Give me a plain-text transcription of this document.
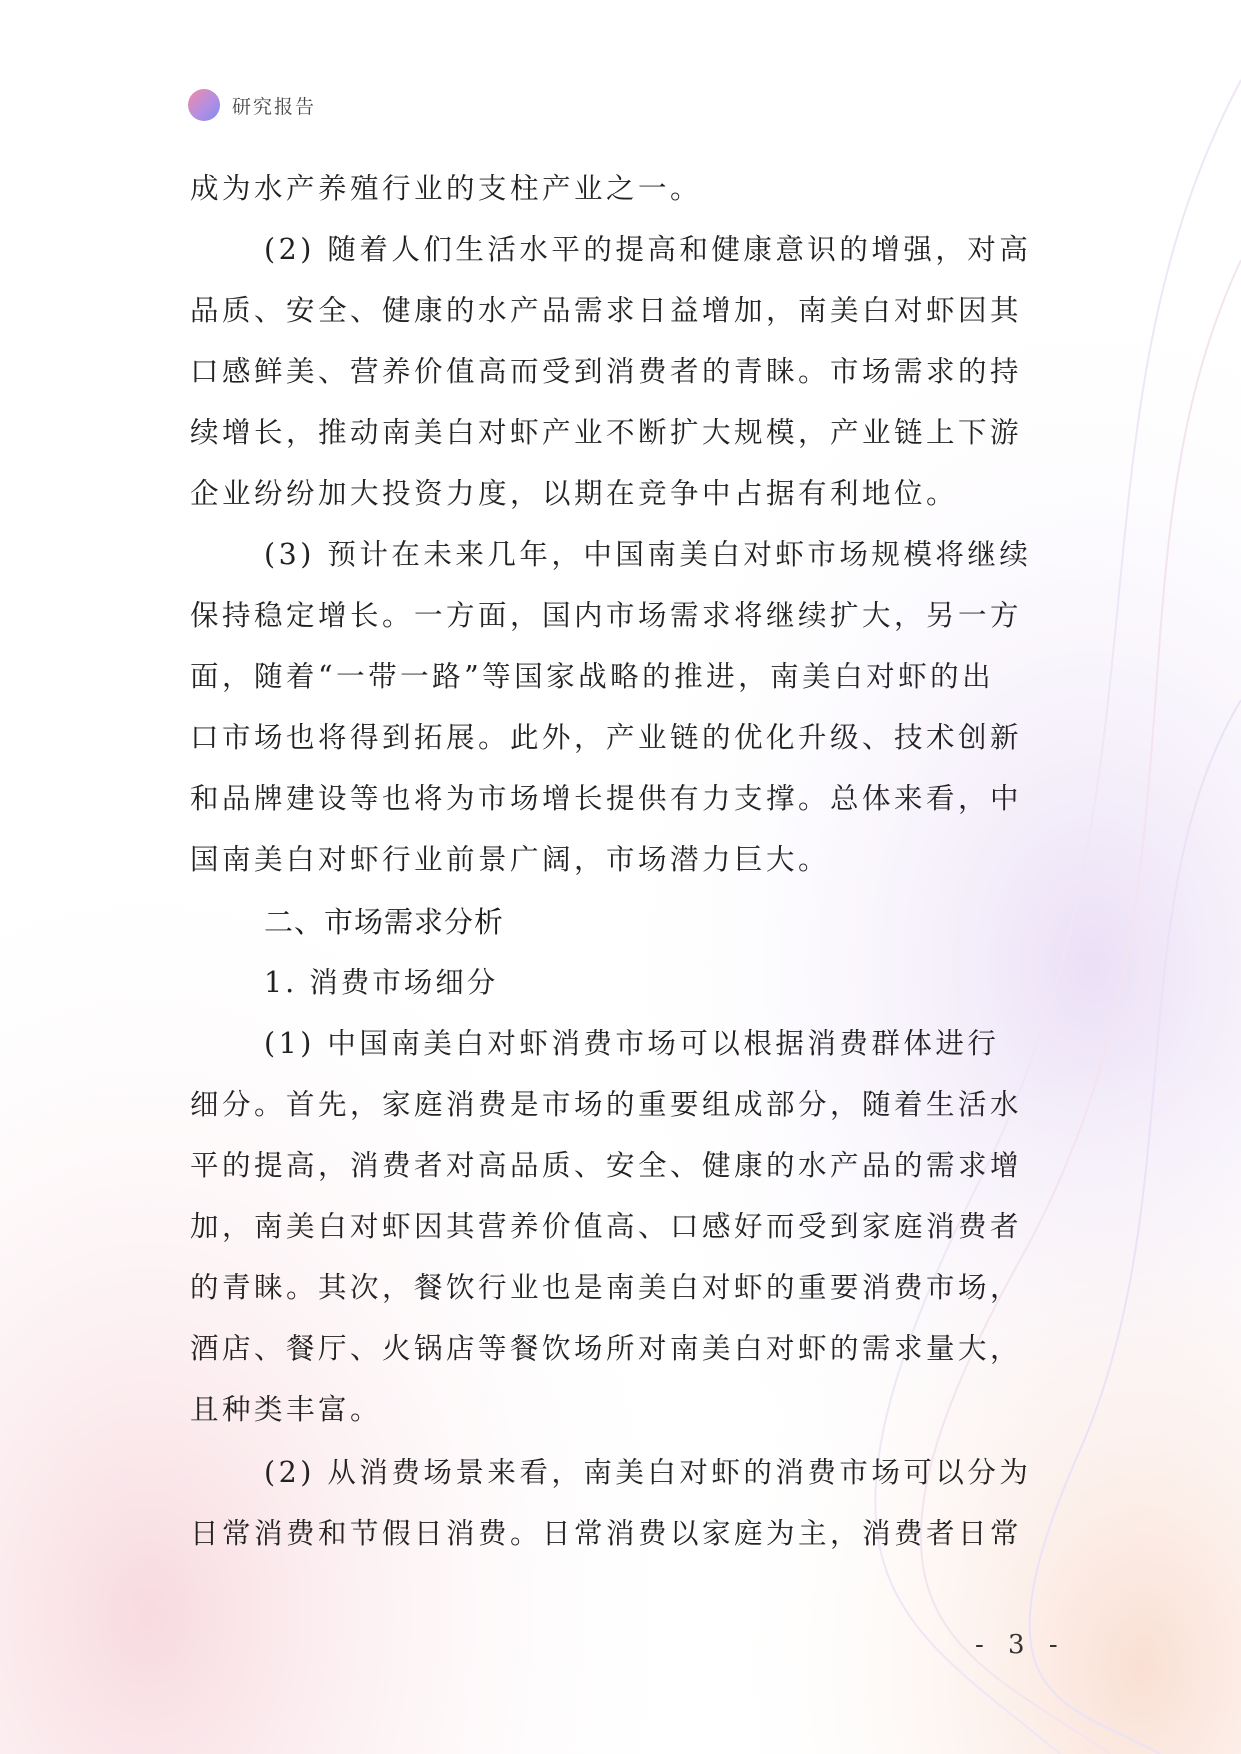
研究报告
成为水产养殖行业的支柱产业之一。
(2) 随着人们生活水平的提高和健康意识的增强，对高
品质、安全、健康的水产品需求日益增加，南美白对虾因其
口感鲜美、营养价值高而受到消费者的青睐。市场需求的持
续增长，推动南美白对虾产业不断扩大规模，产业链上下游
企业纷纷加大投资力度，以期在竞争中占据有利地位。
(3) 预计在未来几年，中国南美白对虾市场规模将继续
保持稳定增长。一方面，国内市场需求将继续扩大，另一方
面，随着“一带一路”等国家战略的推进，南美白对虾的出
口市场也将得到拓展。此外，产业链的优化升级、技术创新
和品牌建设等也将为市场增长提供有力支撑。总体来看，中
国南美白对虾行业前景广阔，市场潜力巨大。
二、市场需求分析
1. 消费市场细分
(1) 中国南美白对虾消费市场可以根据消费群体进行
细分。首先，家庭消费是市场的重要组成部分，随着生活水
平的提高，消费者对高品质、安全、健康的水产品的需求增
加，南美白对虾因其营养价值高、口感好而受到家庭消费者
的青睐。其次，餐饮行业也是南美白对虾的重要消费市场，
酒店、餐厅、火锅店等餐饮场所对南美白对虾的需求量大，
且种类丰富。
(2) 从消费场景来看，南美白对虾的消费市场可以分为
日常消费和节假日消费。日常消费以家庭为主，消费者日常
- 3 -
